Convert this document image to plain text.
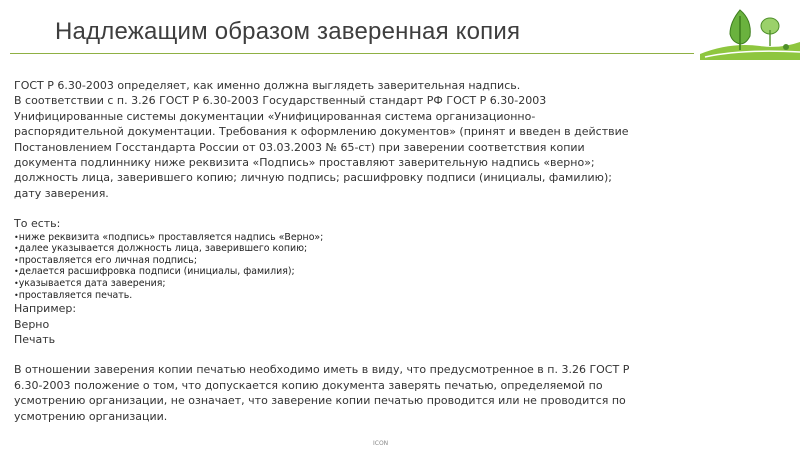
Надлежащим образом заверенная копия

ГОСТ Р 6.30-2003 определяет, как именно должна выглядеть заверительная надпись.

В соответствии с п. 3.26 ГОСТ Р 6.30-2003 Государственный стандарт РФ ГОСТ Р 6.30-2003

Унифицированные системы документации «Унифицированная система организационно-

распорядительной документации. Требования к оформлению документов» (принят и введен в действие

Постановлением Госстандарта России от 03.03.2003 № 65-ст) при заверении соответствия копии

документа подлиннику ниже реквизита «Подпись» проставляют заверительную надпись «верно»;

должность лица, заверившего копию; личную подпись; расшифровку подписи (инициалы, фамилию);

дату заверения.

То есть:

•ниже реквизита «подпись» проставляется надпись «Верно»;

•далее указывается должность лица, заверившего копию;

•проставляется его личная подпись;

•делается расшифровка подписи (инициалы, фамилия);

•указывается дата заверения;

•проставляется печать.

Например:

Верно

Печать

В отношении заверения копии печатью необходимо иметь в виду, что предусмотренное в п. 3.26 ГОСТ Р

6.30-2003 положение о том, что допускается копию документа заверять печатью, определяемой по

усмотрению организации, не означает, что заверение копии печатью проводится или не проводится по

усмотрению организации.

ICON
